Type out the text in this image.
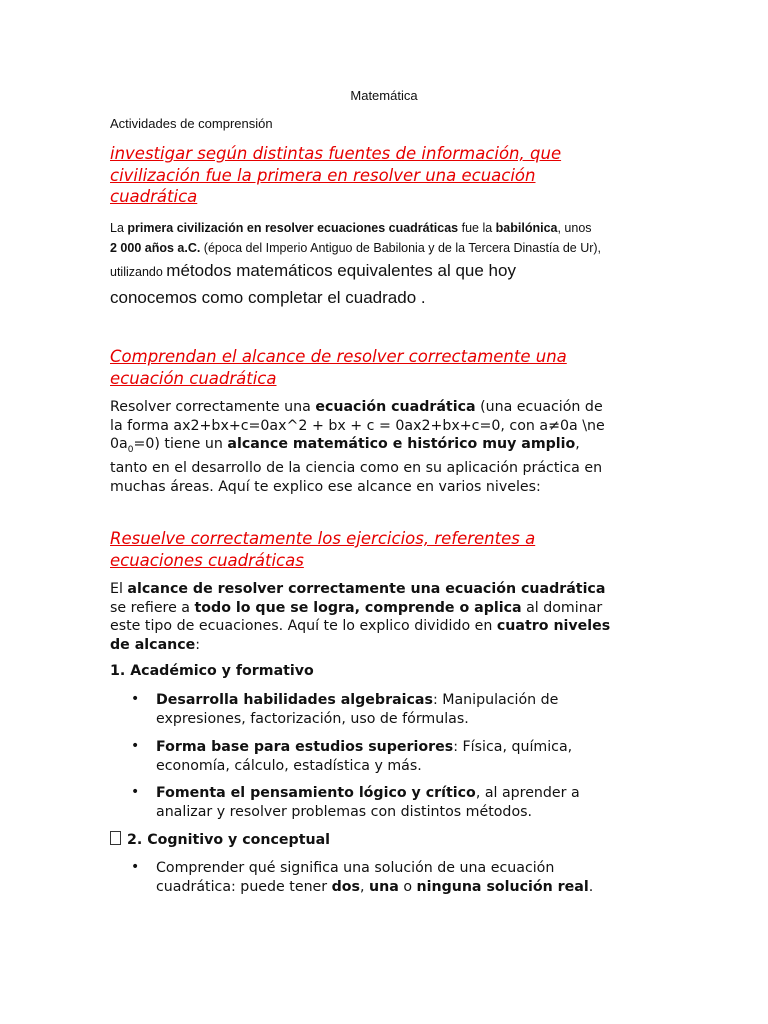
Matemática
Actividades de comprensión
investigar según distintas fuentes de información, que
civilización fue la primera en resolver una ecuación
cuadrática
La primera civilización en resolver ecuaciones cuadráticas fue la babilónica, unos
2 000 años a.C. (época del Imperio Antiguo de Babilonia y de la Tercera Dinastía de Ur),
utilizando métodos matemáticos equivalentes al que hoy
conocemos como completar el cuadrado .
Comprendan el alcance de resolver correctamente una
ecuación cuadrática
Resolver correctamente una ecuación cuadrática (una ecuación de
la forma ax2+bx+c=0ax^2 + bx + c = 0ax2+bx+c=0, con a≠0a \ne
$0a_0=0$) tiene un alcance matemático e histórico muy amplio,
tanto en el desarrollo de la ciencia como en su aplicación práctica en
muchas áreas. Aquí te explico ese alcance en varios niveles:
Resuelve correctamente los ejercicios, referentes a
ecuaciones cuadráticas
El alcance de resolver correctamente una ecuación cuadrática
se refiere a todo lo que se logra, comprende o aplica al dominar
este tipo de ecuaciones. Aquí te lo explico dividido en cuatro niveles
de alcance:
1. Académico y formativo
• Desarrolla habilidades algebraicas: Manipulación de
expresiones, factorización, uso de fórmulas.
• Forma base para estudios superiores: Física, química,
economía, cálculo, estadística y más.
• Fomenta el pensamiento lógico y crítico, al aprender a
analizar y resolver problemas con distintos métodos.
2. Cognitivo y conceptual
• Comprender qué significa una solución de una ecuación
cuadrática: puede tener dos, una o ninguna solución real.
